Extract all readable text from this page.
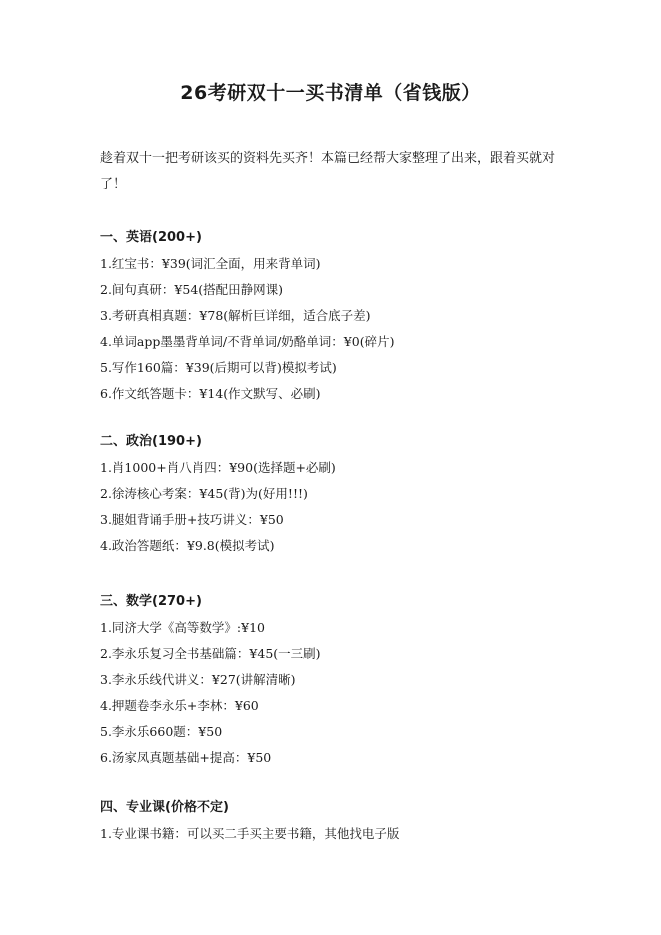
26考研双十一买书清单（省钱版）

趁着双十一把考研该买的资料先买齐！本篇已经帮大家整理了出来，跟着买就对了！

一、英语(200+)
1.红宝书：¥39(词汇全面，用来背单词)
2.间句真研：¥54(搭配田静网课)
3.考研真相真题：¥78(解析巨详细，适合底子差)
4.单词app墨墨背单词/不背单词/奶酪单词：¥0(碎片)
5.写作160篇：¥39(后期可以背)模拟考试)
6.作文纸答题卡：¥14(作文默写、必刷)
二、政治(190+)
1.肖1000+肖八肖四：¥90(选择题+必刷)
2.徐涛核心考案：¥45(背)为(好用!!!)
3.腿姐背诵手册+技巧讲义：¥50
4.政治答题纸：¥9.8(模拟考试)
三、数学(270+)
1.同济大学《高等数学》:¥10
2.李永乐复习全书基础篇：¥45(一三刷)
3.李永乐线代讲义：¥27(讲解清晰)
4.押题卷李永乐+李林：¥60
5.李永乐660题：¥50
6.汤家凤真题基础+提高：¥50
四、专业课(价格不定)
1.专业课书籍：可以买二手买主要书籍，其他找电子版
